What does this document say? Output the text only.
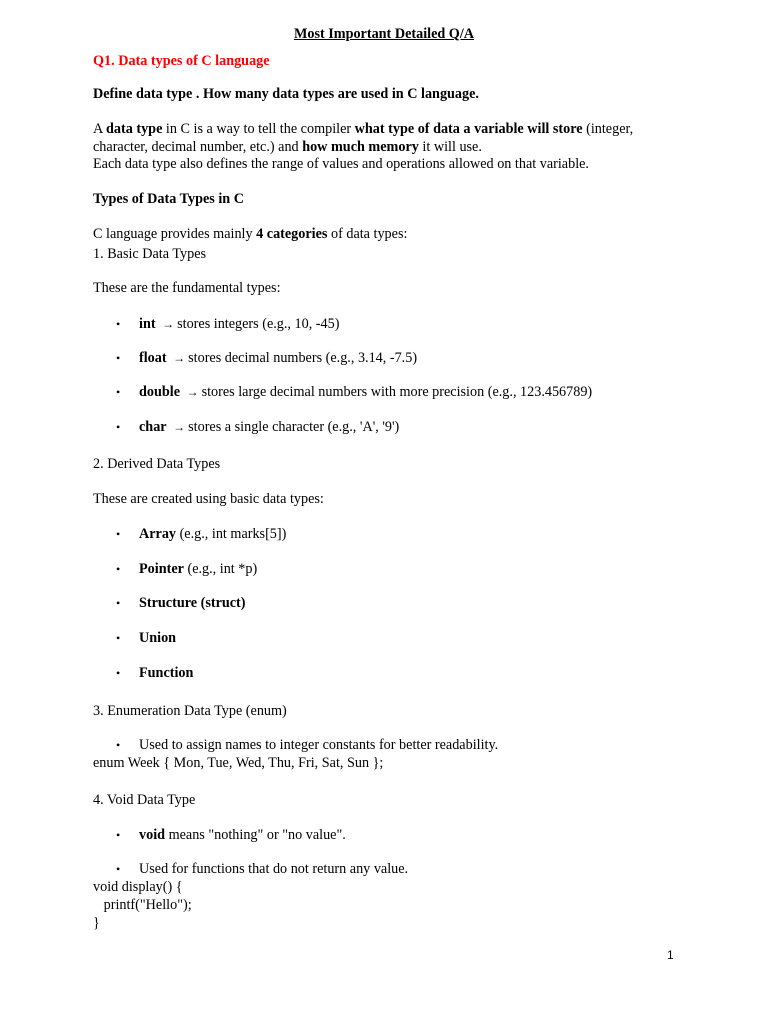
Most Important Detailed Q/A
Q1. Data types of C language
Define data type . How many data types are used in C language.
A data type in C is a way to tell the compiler what type of data a variable will store (integer,
character, decimal number, etc.) and how much memory it will use.
Each data type also defines the range of values and operations allowed on that variable.
Types of Data Types in C
C language provides mainly 4 categories of data types:
1. Basic Data Types
These are the fundamental types:
• int → stores integers (e.g., 10, -45)
• float → stores decimal numbers (e.g., 3.14, -7.5)
• double → stores large decimal numbers with more precision (e.g., 123.456789)
• char → stores a single character (e.g., 'A', '9')
2. Derived Data Types
These are created using basic data types:
• Array (e.g., int marks[5])
• Pointer (e.g., int *p)
• Structure (struct)
• Union
• Function
3. Enumeration Data Type (enum)
• Used to assign names to integer constants for better readability.
enum Week { Mon, Tue, Wed, Thu, Fri, Sat, Sun };
4. Void Data Type
• void means "nothing" or "no value".
• Used for functions that do not return any value.
void display() {
printf("Hello");
}
1
